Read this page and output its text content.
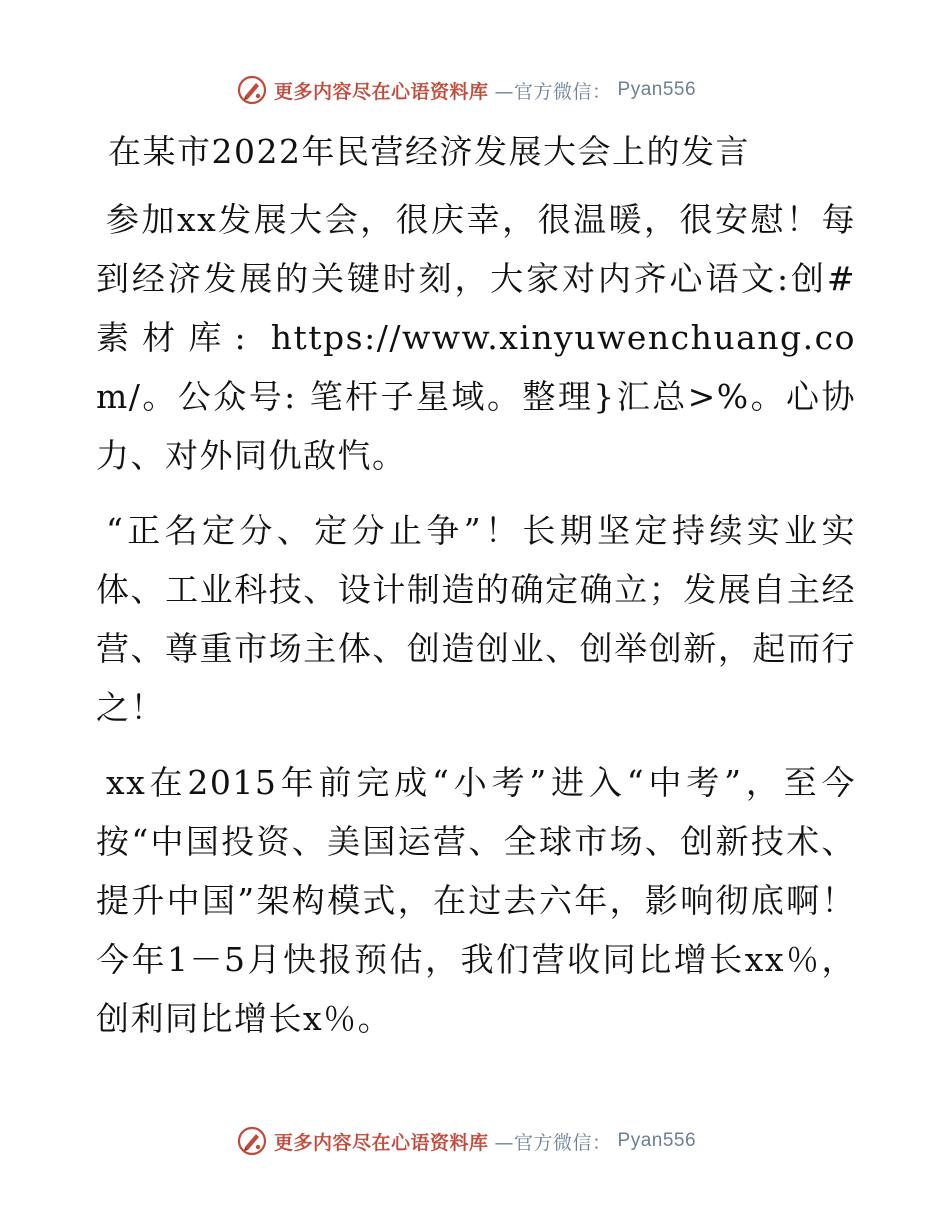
更多内容尽在心语资料库 —官方微信： Pyan556
在某市2022年民营经济发展大会上的发言

参加xx发展大会，很庆幸，很温暖，很安慰！每到经济发展的关键时刻，大家对内齐心语文:创#素材库: https://www.xinyuwenchuang.com/。公众号: 笔杆子星域。整理}汇总>%。心协力、对外同仇敌忾。

“正名定分、定分止争”！长期坚定持续实业实体、工业科技、设计制造的确定确立；发展自主经营、尊重市场主体、创造创业、创举创新，起而行之！

xx在2015年前完成“小考”进入“中考”，至今按“中国投资、美国运营、全球市场、创新技术、提升中国”架构模式，在过去六年，影响彻底啊！今年1－5月快报预估，我们营收同比增长xx％，创利同比增长x％。

更多内容尽在心语资料库 —官方微信： Pyan556
